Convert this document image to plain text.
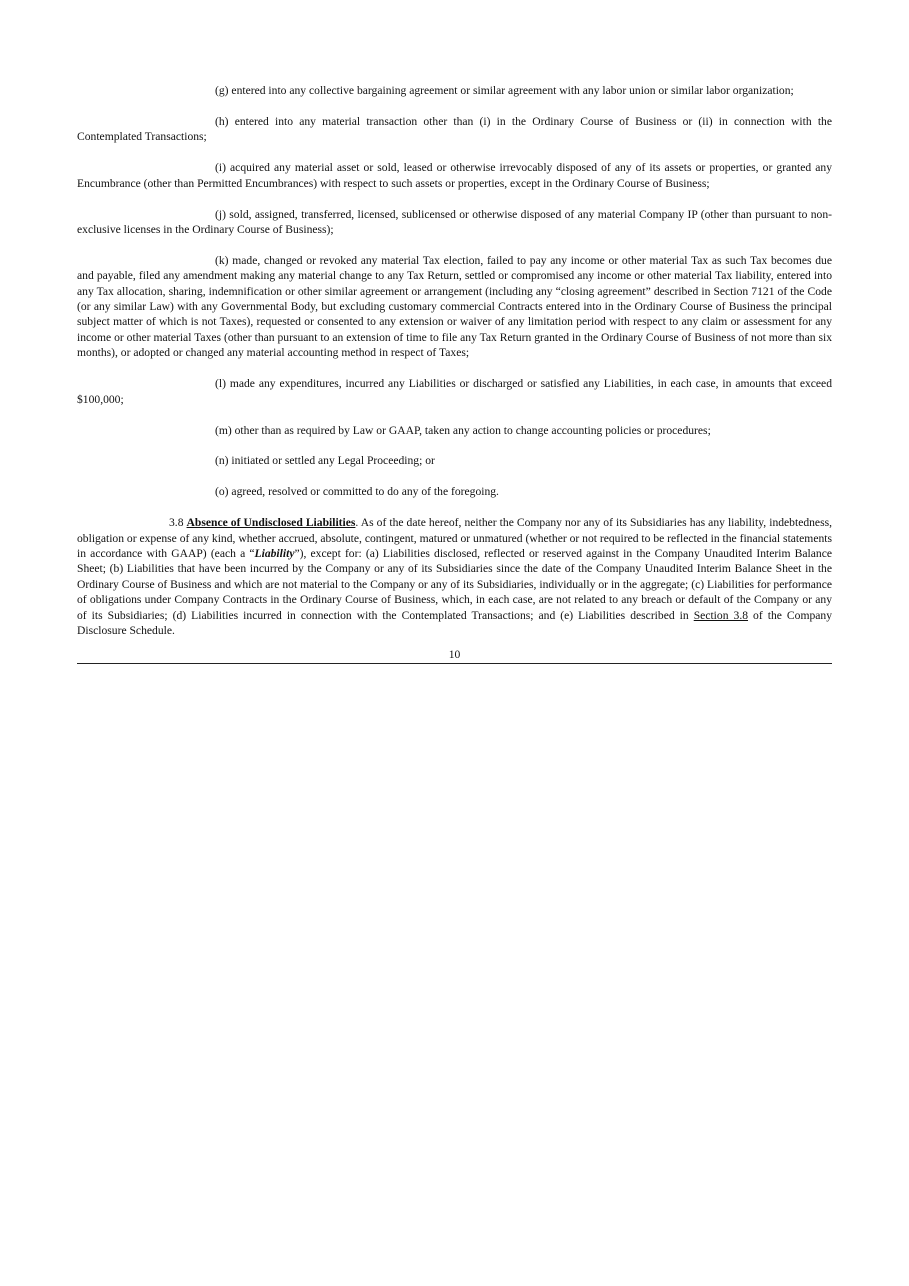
(g) entered into any collective bargaining agreement or similar agreement with any labor union or similar labor organization;

(h) entered into any material transaction other than (i) in the Ordinary Course of Business or (ii) in connection with the Contemplated Transactions;

(i) acquired any material asset or sold, leased or otherwise irrevocably disposed of any of its assets or properties, or granted any Encumbrance (other than Permitted Encumbrances) with respect to such assets or properties, except in the Ordinary Course of Business;

(j) sold, assigned, transferred, licensed, sublicensed or otherwise disposed of any material Company IP (other than pursuant to non-exclusive licenses in the Ordinary Course of Business);

(k) made, changed or revoked any material Tax election, failed to pay any income or other material Tax as such Tax becomes due and payable, filed any amendment making any material change to any Tax Return, settled or compromised any income or other material Tax liability, entered into any Tax allocation, sharing, indemnification or other similar agreement or arrangement (including any “closing agreement” described in Section 7121 of the Code (or any similar Law) with any Governmental Body, but excluding customary commercial Contracts entered into in the Ordinary Course of Business the principal subject matter of which is not Taxes), requested or consented to any extension or waiver of any limitation period with respect to any claim or assessment for any income or other material Taxes (other than pursuant to an extension of time to file any Tax Return granted in the Ordinary Course of Business of not more than six months), or adopted or changed any material accounting method in respect of Taxes;

(l) made any expenditures, incurred any Liabilities or discharged or satisfied any Liabilities, in each case, in amounts that exceed $100,000;

(m) other than as required by Law or GAAP, taken any action to change accounting policies or procedures;

(n) initiated or settled any Legal Proceeding; or

(o) agreed, resolved or committed to do any of the foregoing.

3.8 Absence of Undisclosed Liabilities. As of the date hereof, neither the Company nor any of its Subsidiaries has any liability, indebtedness, obligation or expense of any kind, whether accrued, absolute, contingent, matured or unmatured (whether or not required to be reflected in the financial statements in accordance with GAAP) (each a “Liability”), except for: (a) Liabilities disclosed, reflected or reserved against in the Company Unaudited Interim Balance Sheet; (b) Liabilities that have been incurred by the Company or any of its Subsidiaries since the date of the Company Unaudited Interim Balance Sheet in the Ordinary Course of Business and which are not material to the Company or any of its Subsidiaries, individually or in the aggregate; (c) Liabilities for performance of obligations under Company Contracts in the Ordinary Course of Business, which, in each case, are not related to any breach or default of the Company or any of its Subsidiaries; (d) Liabilities incurred in connection with the Contemplated Transactions; and (e) Liabilities described in Section 3.8 of the Company Disclosure Schedule.

10
